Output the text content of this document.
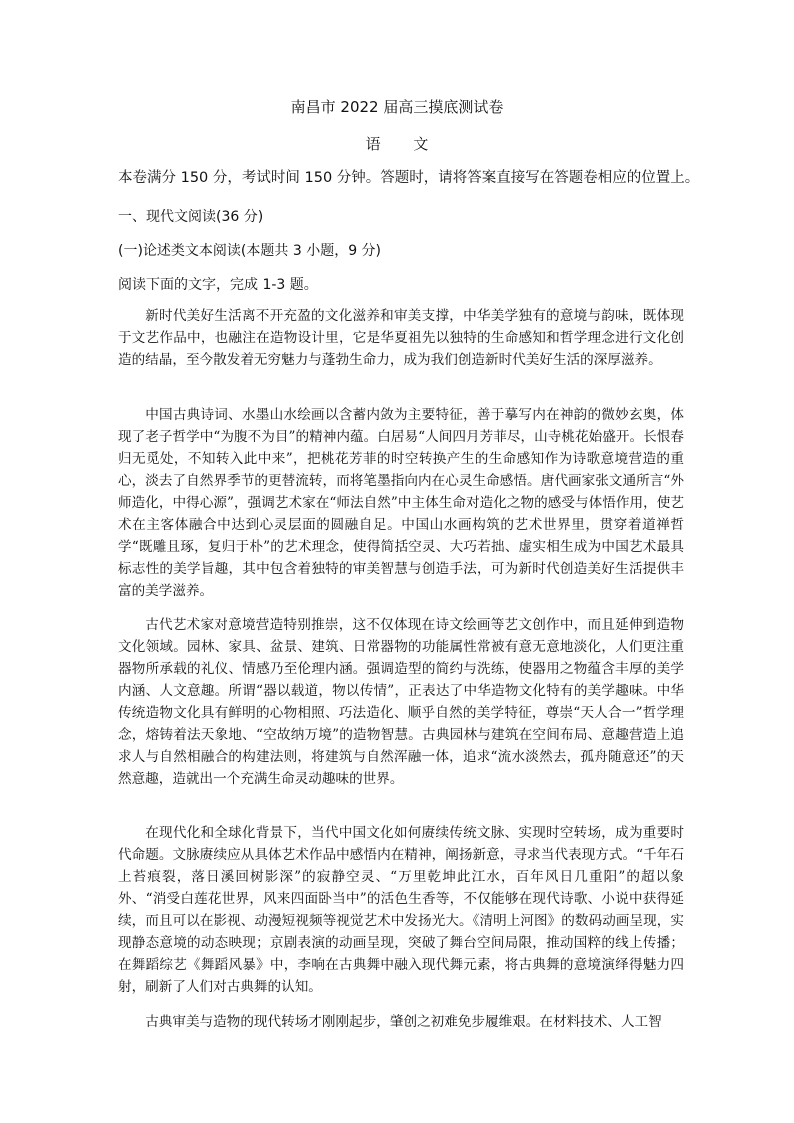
南昌市 2022 届高三摸底测试卷
语 文
本卷满分 150 分，考试时间 150 分钟。答题时，请将答案直接写在答题卷相应的位置上。
一、现代文阅读(36 分)
(一)论述类文本阅读(本题共 3 小题，9 分)
阅读下面的文字，完成 1-3 题。

新时代美好生活离不开充盈的文化滋养和审美支撑，中华美学独有的意境与韵味，既体现于文艺作品中，也融注在造物设计里，它是华夏祖先以独特的生命感知和哲学理念进行文化创造的结晶，至今散发着无穷魅力与蓬勃生命力，成为我们创造新时代美好生活的深厚滋养。

中国古典诗词、水墨山水绘画以含蓄内敛为主要特征，善于摹写内在神韵的微妙玄奥，体现了老子哲学中“为腹不为目”的精神内蕴。白居易“人间四月芳菲尽，山寺桃花始盛开。长恨春归无觅处，不知转入此中来”，把桃花芳菲的时空转换产生的生命感知作为诗歌意境营造的重心，淡去了自然界季节的更替流转，而将笔墨指向内在心灵生命感悟。唐代画家张文通所言“外师造化，中得心源”，强调艺术家在“师法自然”中主体生命对造化之物的感受与体悟作用，使艺术在主客体融合中达到心灵层面的圆融自足。中国山水画构筑的艺术世界里，贯穿着道禅哲学“既雕且琢，复归于朴”的艺术理念，使得简括空灵、大巧若拙、虚实相生成为中国艺术最具标志性的美学旨趣，其中包含着独特的审美智慧与创造手法，可为新时代创造美好生活提供丰富的美学滋养。

古代艺术家对意境营造特别推崇，这不仅体现在诗文绘画等艺文创作中，而且延伸到造物文化领域。园林、家具、盆景、建筑、日常器物的功能属性常被有意无意地淡化，人们更注重器物所承载的礼仪、情感乃至伦理内涵。强调造型的简约与洗练，使器用之物蕴含丰厚的美学内涵、人文意趣。所谓“器以载道，物以传情”，正表达了中华造物文化特有的美学趣味。中华传统造物文化具有鲜明的心物相照、巧法造化、顺乎自然的美学特征，尊崇“天人合一”哲学理念，熔铸着法天象地、“空故纳万境”的造物智慧。古典园林与建筑在空间布局、意趣营造上追求人与自然相融合的构建法则，将建筑与自然浑融一体，追求“流水淡然去，孤舟随意还”的天然意趣，造就出一个充满生命灵动趣味的世界。

在现代化和全球化背景下，当代中国文化如何赓续传统文脉、实现时空转场，成为重要时代命题。文脉赓续应从具体艺术作品中感悟内在精神，阐扬新意，寻求当代表现方式。“千年石上苔痕裂，落日溪回树影深”的寂静空灵、“万里乾坤此江水，百年风日几重阳”的超以象外、“消受白莲花世界，风来四面卧当中”的活色生香等，不仅能够在现代诗歌、小说中获得延续，而且可以在影视、动漫短视频等视觉艺术中发扬光大。《清明上河图》的数码动画呈现，实现静态意境的动态映现；京剧表演的动画呈现，突破了舞台空间局限，推动国粹的线上传播；在舞蹈综艺《舞蹈风暴》中，李响在古典舞中融入现代舞元素，将古典舞的意境演绎得魅力四射，刷新了人们对古典舞的认知。

古典审美与造物的现代转场才刚刚起步，肇创之初难免步履维艰。在材料技术、人工智
